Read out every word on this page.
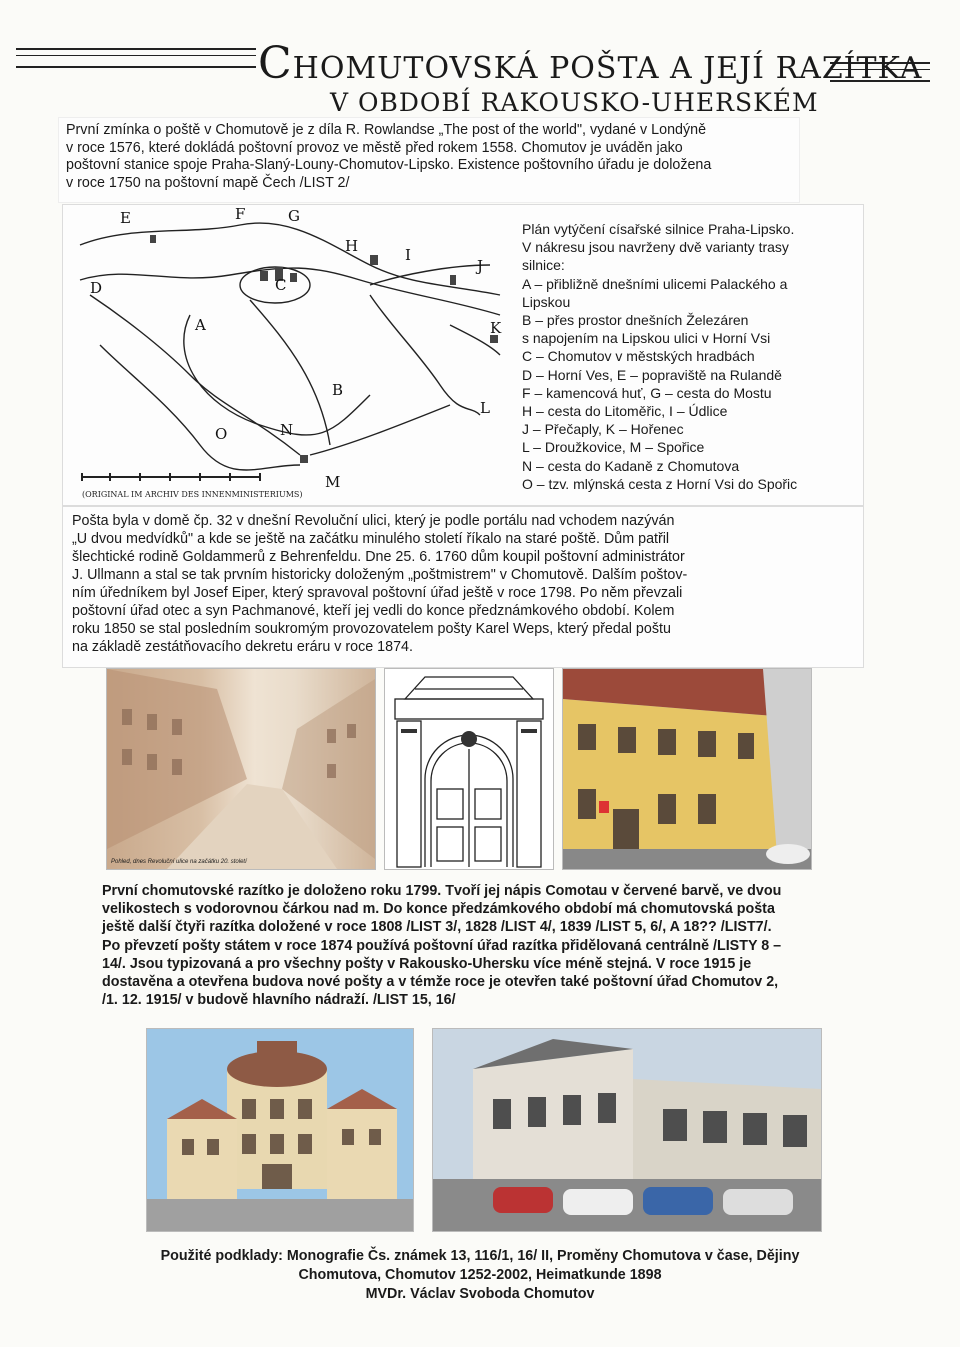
CHOMUTOVSKÁ POŠTA A JEJÍ RAZÍTKA
V OBDOBÍ RAKOUSKO-UHERSKÉM
První zmínka o poště v Chomutově je z díla R. Rowlandse „The post of the world", vydané v Londýně
v roce 1576, které dokládá poštovní provoz ve městě před rokem 1558. Chomutov je uváděn jako
poštovní stanice spoje Praha-Slaný-Louny-Chomutov-Lipsko. Existence poštovního úřadu je doložena
v roce 1750 na poštovní mapě Čech /LIST 2/
E	F	G
H	I
J
K
C
D
A
B
L
O	N
M
(ORIGINAL IM ARCHIV DES INNENMINISTERIUMS)
Plán vytýčení císařské silnice Praha-Lipsko.
V nákresu jsou navrženy dvě varianty trasy
silnice:
A – přibližně dnešními ulicemi Palackého a
Lipskou
B – přes prostor dnešních Železáren
s napojením na Lipskou ulici v Horní Vsi
C – Chomutov v městských hradbách
D – Horní Ves, E – popraviště na Rulandě
F – kamencová huť, G – cesta do Mostu
H – cesta do Litoměřic, I – Údlice
J – Přečaply, K – Hořenec
L – Droužkovice, M – Spořice
N – cesta do Kadaně z Chomutova
O – tzv. mlýnská cesta z Horní Vsi do Spořic
Pošta byla v domě čp. 32 v dnešní Revoluční ulici, který je podle portálu nad vchodem nazýván
„U dvou medvídků" a kde se ještě na začátku minulého století říkalo na staré poště. Dům patřil
šlechtické rodině Goldammerů z Behrenfeldu. Dne 25. 6. 1760 dům koupil poštovní administrátor
J. Ullmann a stal se tak prvním historicky doloženým „poštmistrem" v Chomutově. Dalším poštov-
ním úředníkem byl Josef Eiper, který spravoval poštovní úřad ještě v roce 1798. Po něm převzali
poštovní úřad otec a syn Pachmanové, kteří jej vedli do konce předznámkového období. Kolem
roku 1850 se stal posledním soukromým provozovatelem pošty Karel Weps, který předal poštu
na základě zestátňovacího dekretu eráru v roce 1874.
Pohled, dnes Revoluční ulice na začátku 20. století
První chomutovské razítko je doloženo roku 1799. Tvoří jej nápis Comotau v červené barvě, ve dvou
velikostech s vodorovnou čárkou nad m. Do konce předzámkového období má chomutovská pošta
ještě další čtyři razítka doložené v roce 1808 /LIST 3/, 1828 /LIST 4/, 1839 /LIST 5, 6/, A 18?? /LIST7/.
Po převzetí pošty státem v roce 1874 používá poštovní úřad razítka přidělovaná centrálně /LISTY 8 –
14/. Jsou typizovaná a pro všechny pošty v Rakousko-Uhersku více méně stejná. V roce 1915 je
dostavěna a otevřena budova nové pošty a v témže roce je otevřen také poštovní úřad Chomutov 2,
/1. 12. 1915/ v budově hlavního nádraží. /LIST 15, 16/
Použité podklady: Monografie Čs. známek 13, 116/1, 16/ II, Proměny Chomutova v čase, Dějiny
Chomutova, Chomutov 1252-2002, Heimatkunde 1898
MVDr. Václav Svoboda Chomutov
